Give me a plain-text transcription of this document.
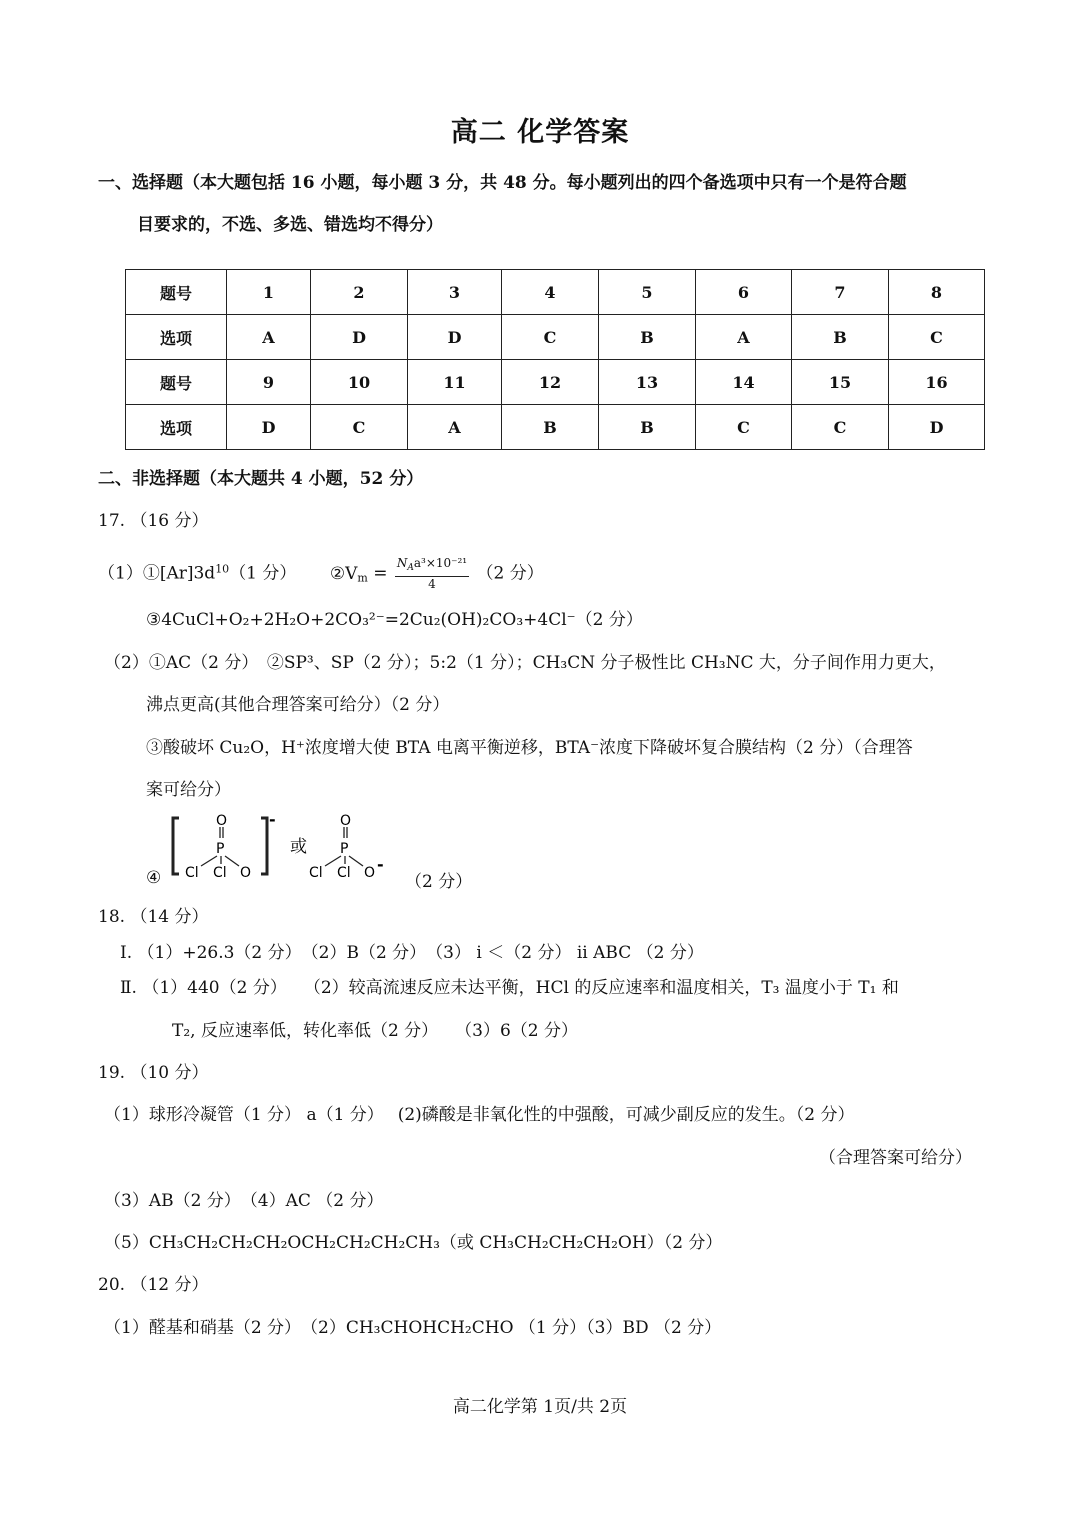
高二 化学答案
一、选择题（本大题包括 16 小题，每小题 3 分，共 48 分。每小题列出的四个备选项中只有一个是符合题
目要求的，不选、多选、错选均不得分）
题号	1	2	3	4	5	6	7	8
选项	A	D	D	C	B	A	B	C
题号	9	10	11	12	13	14	15	16
选项	D	C	A	B	B	C	C	D
二、非选择题（本大题共 4 小题，52 分）
17. （16 分）
$(1)①[Ar]3d^{10}(1$ 分） $②V_m = \frac{N_Aa^3\times 10^{-21}}{4} (2$ 分）
③4CuCl+O₂+2H₂O+2CO₃²⁻=2Cu₂(OH)₂CO₃+4Cl⁻（2 分）
（2）①AC（2 分）　②SP³、SP（2 分）；5:2（1 分）；CH₃CN 分子极性比 CH₃NC 大，分子间作用力更大，
沸点更高(其他合理答案可给分）（2 分）
③酸破坏 Cu₂O，H⁺浓度增大使 BTA 电离平衡逆移，BTA⁻浓度下降破坏复合膜结构（2 分）（合理答
案可给分）
④
O
P
Cl Cl O
-
或
O
P
Cl Cl O -
（2 分）
18. （14 分）
Ⅰ. （1）+26.3（2 分）　（2）B（2 分）　（3） i ＜（2 分） ii ABC （2 分）
Ⅱ. （1）440（2 分）　　（2）较高流速反应未达平衡，HCl 的反应速率和温度相关，T₃ 温度小于 T₁ 和
T₂, 反应速率低，转化率低（2 分）　　（3）6（2 分）
19. （10 分）
（1）球形冷凝管（1 分） a（1 分）　 (2)磷酸是非氧化性的中强酸，可减少副反应的发生。（2 分）
（合理答案可给分）
（3）AB（2 分）　（4）AC （2 分）
（5）CH₃CH₂CH₂CH₂OCH₂CH₂CH₂CH₃（或 CH₃CH₂CH₂CH₂OH）（2 分）
20. （12 分）
（1）醛基和硝基（2 分）　（2）CH₃CHOHCH₂CHO （1 分）（3）BD （2 分）
高二化学第 1页/共 2页
